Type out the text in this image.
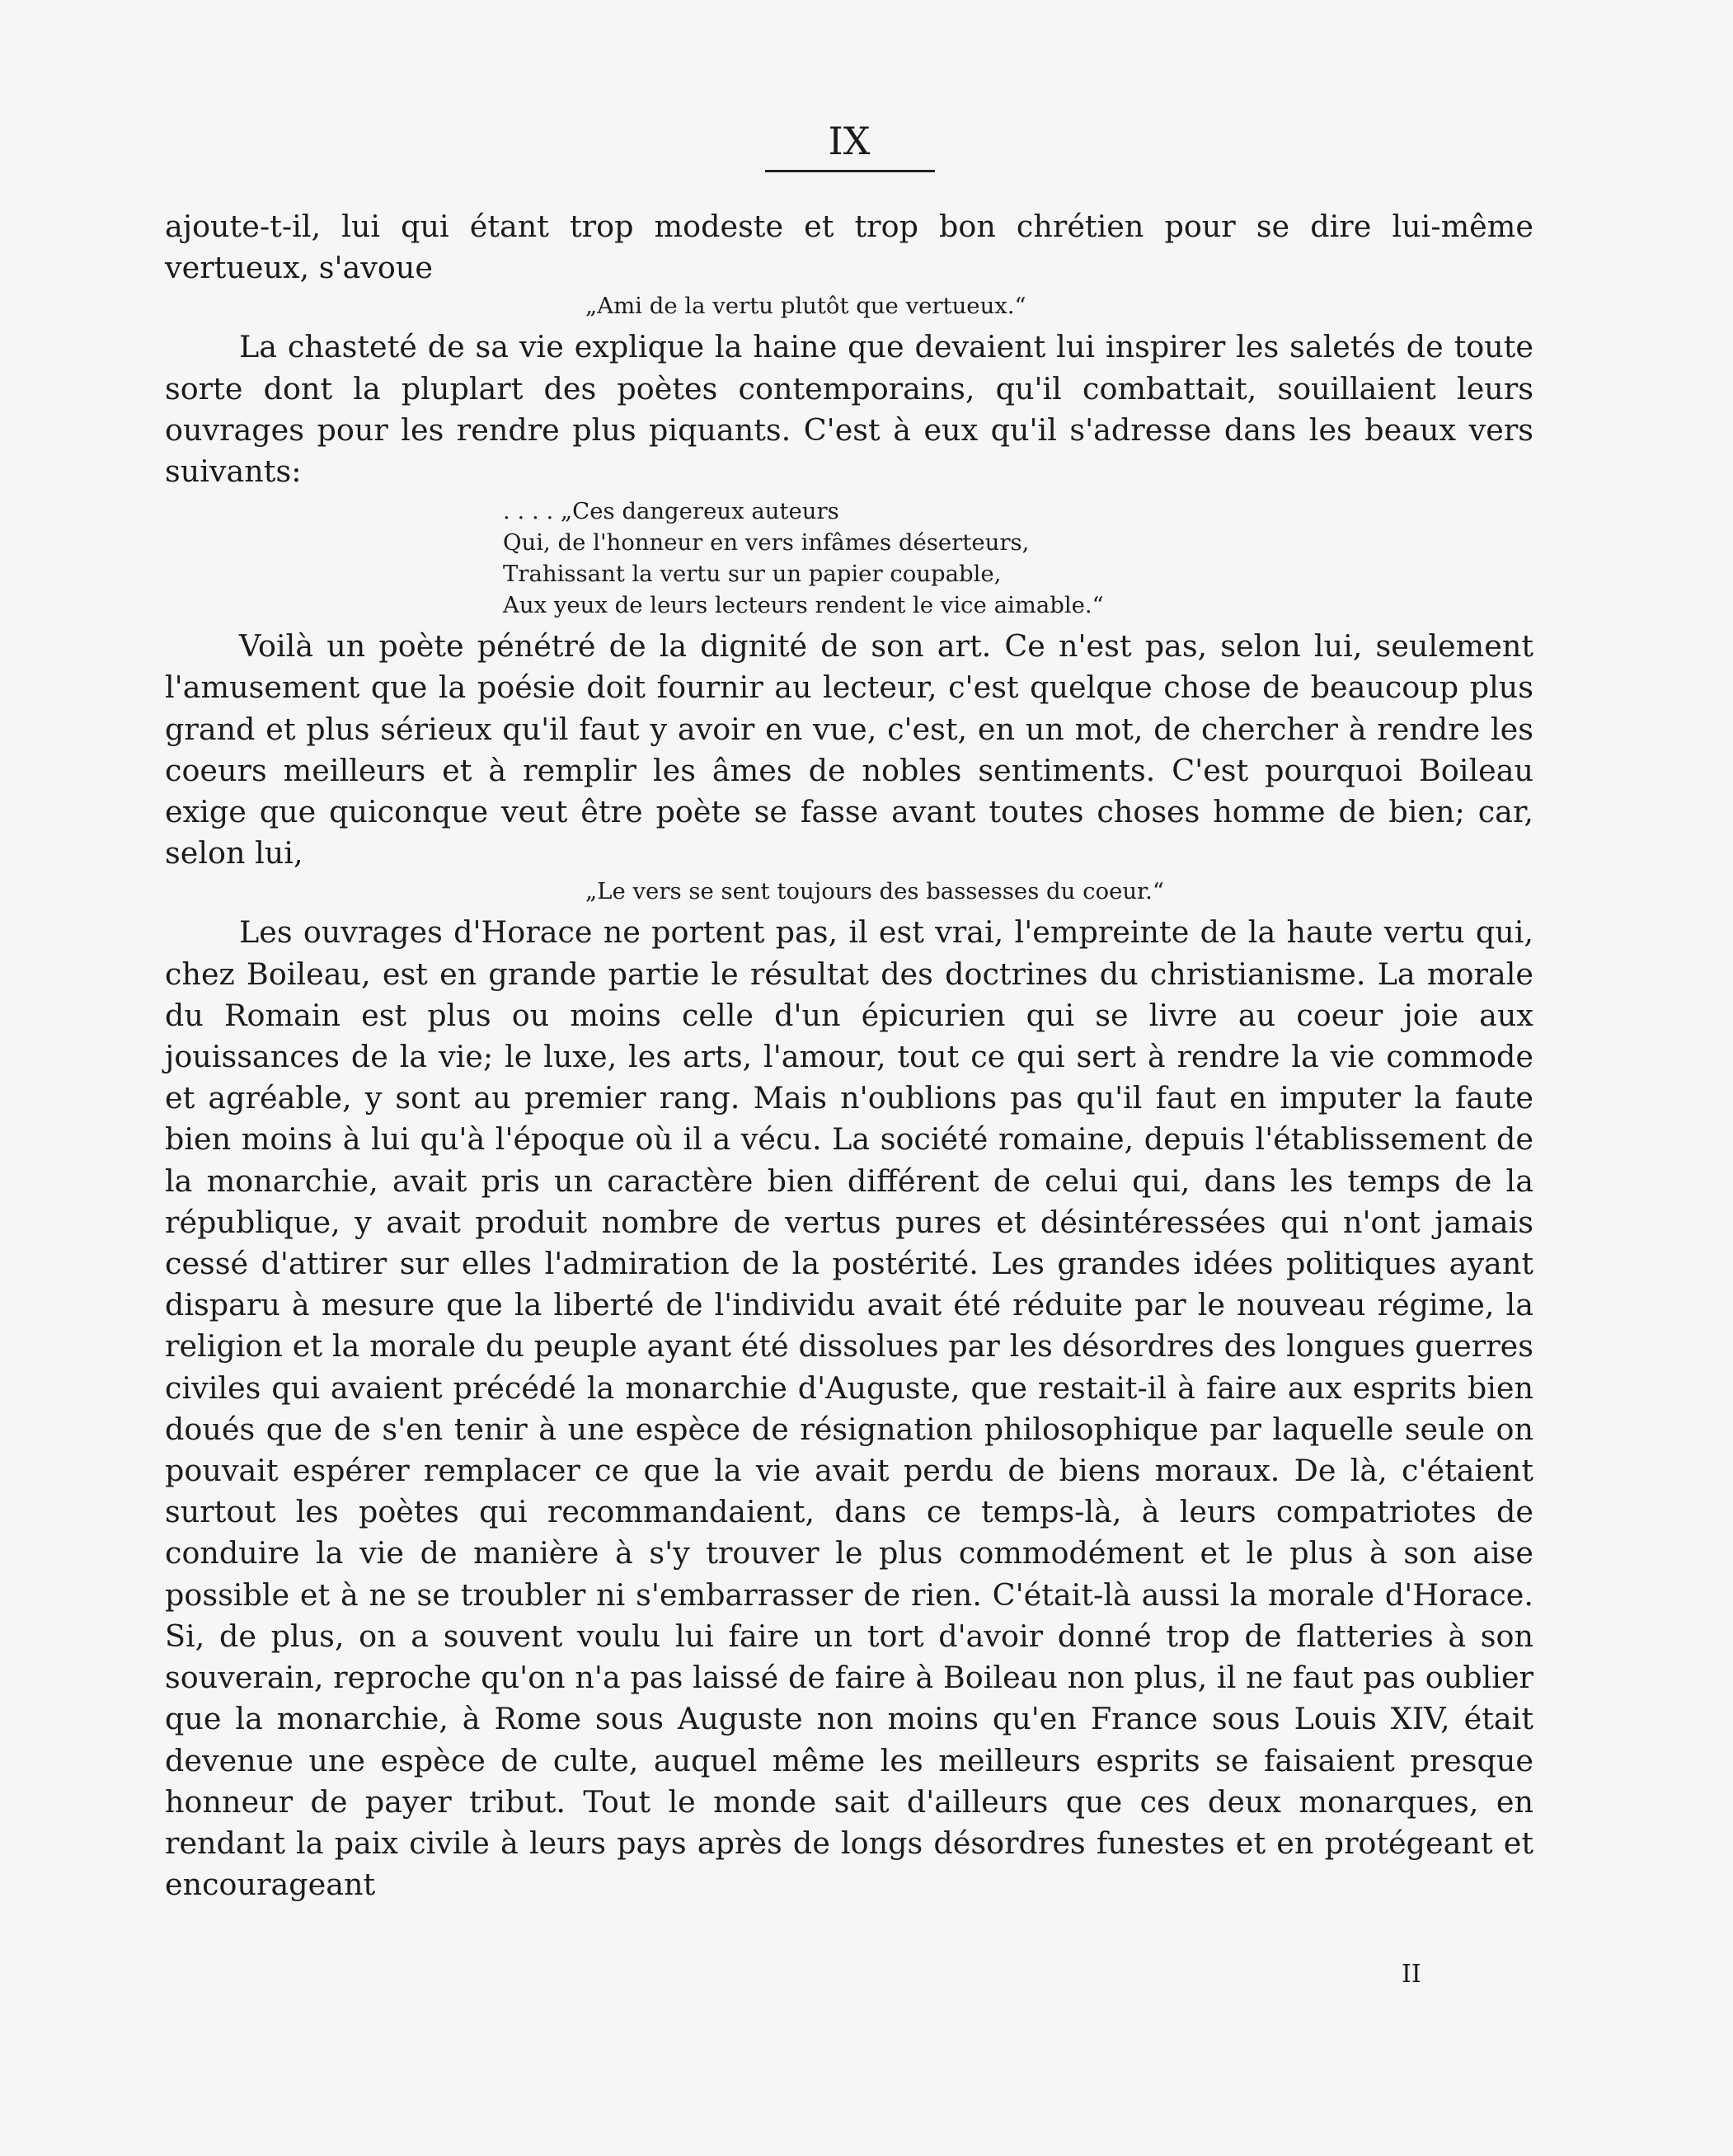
IX

ajoute-t-il, lui qui étant trop modeste et trop bon chrétien pour se dire lui-même vertueux, s'avoue

„Ami de la vertu plutôt que vertueux.“

La chasteté de sa vie explique la haine que devaient lui inspirer les saletés de toute sorte dont la pluplart des poètes contemporains, qu'il combattait, souillaient leurs ouvrages pour les rendre plus piquants. C'est à eux qu'il s'adresse dans les beaux vers suivants:

. . . . „Ces dangereux auteurs
Qui, de l'honneur en vers infâmes déserteurs,
Trahissant la vertu sur un papier coupable,
Aux yeux de leurs lecteurs rendent le vice aimable.“

Voilà un poète pénétré de la dignité de son art. Ce n'est pas, selon lui, seulement l'amusement que la poésie doit fournir au lecteur, c'est quelque chose de beaucoup plus grand et plus sérieux qu'il faut y avoir en vue, c'est, en un mot, de chercher à rendre les coeurs meilleurs et à remplir les âmes de nobles sentiments. C'est pourquoi Boileau exige que quiconque veut être poète se fasse avant toutes choses homme de bien; car, selon lui,

„Le vers se sent toujours des bassesses du coeur.“

Les ouvrages d'Horace ne portent pas, il est vrai, l'empreinte de la haute vertu qui, chez Boileau, est en grande partie le résultat des doctrines du christianisme. La morale du Romain est plus ou moins celle d'un épicurien qui se livre au coeur joie aux jouissances de la vie; le luxe, les arts, l'amour, tout ce qui sert à rendre la vie commode et agréable, y sont au premier rang. Mais n'oublions pas qu'il faut en imputer la faute bien moins à lui qu'à l'époque où il a vécu. La société romaine, depuis l'établissement de la monarchie, avait pris un caractère bien différent de celui qui, dans les temps de la république, y avait produit nombre de vertus pures et désintéressées qui n'ont jamais cessé d'attirer sur elles l'admiration de la postérité. Les grandes idées politiques ayant disparu à mesure que la liberté de l'individu avait été réduite par le nouveau régime, la religion et la morale du peuple ayant été dissolues par les désordres des longues guerres civiles qui avaient précédé la monarchie d'Auguste, que restait-il à faire aux esprits bien doués que de s'en tenir à une espèce de résignation philosophique par laquelle seule on pouvait espérer remplacer ce que la vie avait perdu de biens moraux. De là, c'étaient surtout les poètes qui recommandaient, dans ce temps-là, à leurs compatriotes de conduire la vie de manière à s'y trouver le plus commodément et le plus à son aise possible et à ne se troubler ni s'embarrasser de rien. C'était-là aussi la morale d'Horace. Si, de plus, on a souvent voulu lui faire un tort d'avoir donné trop de flatteries à son souverain, reproche qu'on n'a pas laissé de faire à Boileau non plus, il ne faut pas oublier que la monarchie, à Rome sous Auguste non moins qu'en France sous Louis XIV, était devenue une espèce de culte, auquel même les meilleurs esprits se faisaient presque honneur de payer tribut. Tout le monde sait d'ailleurs que ces deux monarques, en rendant la paix civile à leurs pays après de longs désordres funestes et en protégeant et encourageant

II
